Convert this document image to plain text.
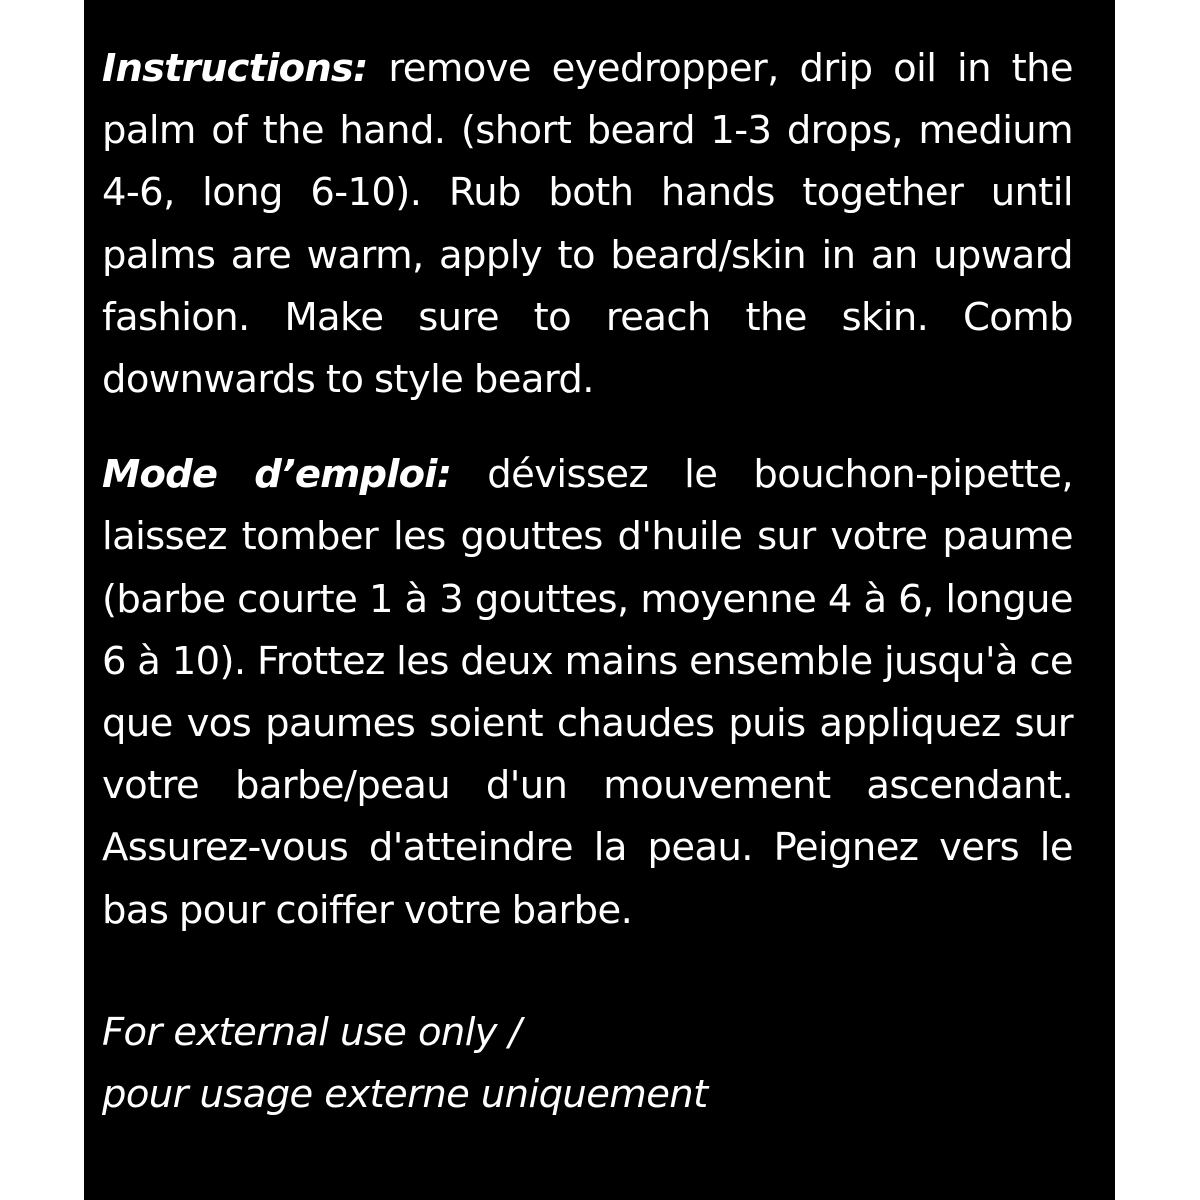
Instructions: remove eyedropper, drip oil in the palm of the hand. (short beard 1-3 drops, medium 4-6, long 6-10). Rub both hands together until palms are warm, apply to beard/skin in an upward fashion. Make sure to reach the skin. Comb downwards to style beard.

Mode d’emploi: dévissez le bouchon-pipette, laissez tomber les gouttes d'huile sur votre paume (barbe courte 1 à 3 gouttes, moyenne 4 à 6, longue 6 à 10). Frottez les deux mains ensemble jusqu'à ce que vos paumes soient chaudes puis appliquez sur votre barbe/peau d'un mouvement ascendant. Assurez-vous d'atteindre la peau. Peignez vers le bas pour coiffer votre barbe.

For external use only /
pour usage externe uniquement
